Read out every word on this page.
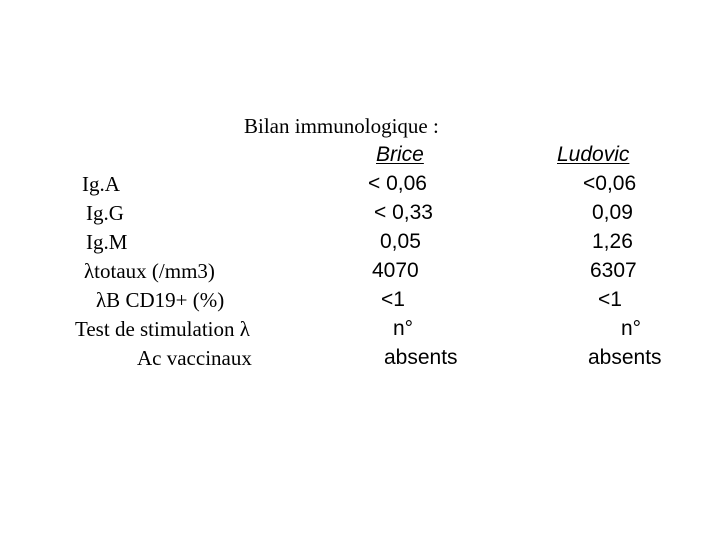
Bilan immunologique :
Brice	Ludovic
Ig.A
Ig.G
Ig.M
λtotaux (/mm3)
λB CD19+ (%)
Test de stimulation λ
Ac vaccinaux
< 0,06
< 0,33
0,05
4070
<1
n°
absents
<0,06
0,09
1,26
6307
<1
n°
absents
